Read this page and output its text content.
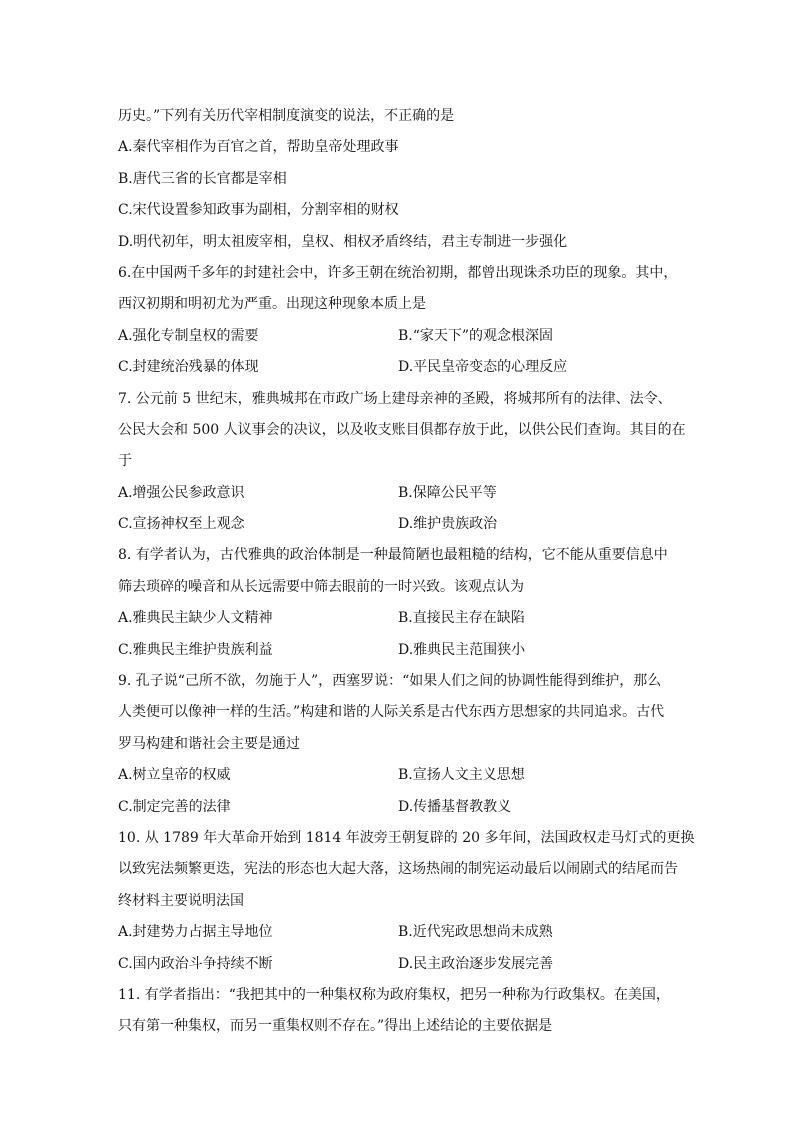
历史。”下列有关历代宰相制度演变的说法，不正确的是
A.秦代宰相作为百官之首，帮助皇帝处理政事
B.唐代三省的长官都是宰相
C.宋代设置参知政事为副相，分割宰相的财权
D.明代初年，明太祖废宰相，皇权、相权矛盾终结，君主专制进一步强化
6.在中国两千多年的封建社会中，许多王朝在统治初期，都曾出现诛杀功臣的现象。其中，
西汉初期和明初尤为严重。出现这种现象本质上是
A.强化专制皇权的需要	B.“家天下”的观念根深固
C.封建统治残暴的体现	D.平民皇帝变态的心理反应
7. 公元前 5 世纪末，雅典城邦在市政广场上建母亲神的圣殿，将城邦所有的法律、法令、
公民大会和 500 人议事会的决议，以及收支账目俱都存放于此，以供公民们查询。其目的在
于
A.增强公民参政意识	B.保障公民平等
C.宣扬神权至上观念	D.维护贵族政治
8. 有学者认为，古代雅典的政治体制是一种最简陋也最粗糙的结构，它不能从重要信息中
筛去琐碎的噪音和从长远需要中筛去眼前的一时兴致。该观点认为
A.雅典民主缺少人文精神	B.直接民主存在缺陷
C.雅典民主维护贵族利益	D.雅典民主范围狭小
9. 孔子说“己所不欲，勿施于人”，西塞罗说：“如果人们之间的协调性能得到维护，那么
人类便可以像神一样的生活。”构建和谐的人际关系是古代东西方思想家的共同追求。古代
罗马构建和谐社会主要是通过
A.树立皇帝的权威	B.宣扬人文主义思想
C.制定完善的法律	D.传播基督教教义
10. 从 1789 年大革命开始到 1814 年波旁王朝复辟的 20 多年间，法国政权走马灯式的更换
以致宪法频繁更迭，宪法的形态也大起大落，这场热闹的制宪运动最后以闹剧式的结尾而告
终材料主要说明法国
A.封建势力占据主导地位	B.近代宪政思想尚未成熟
C.国内政治斗争持续不断	D.民主政治逐步发展完善
11. 有学者指出：“我把其中的一种集权称为政府集权，把另一种称为行政集权。在美国，
只有第一种集权，而另一重集权则不存在。”得出上述结论的主要依据是
